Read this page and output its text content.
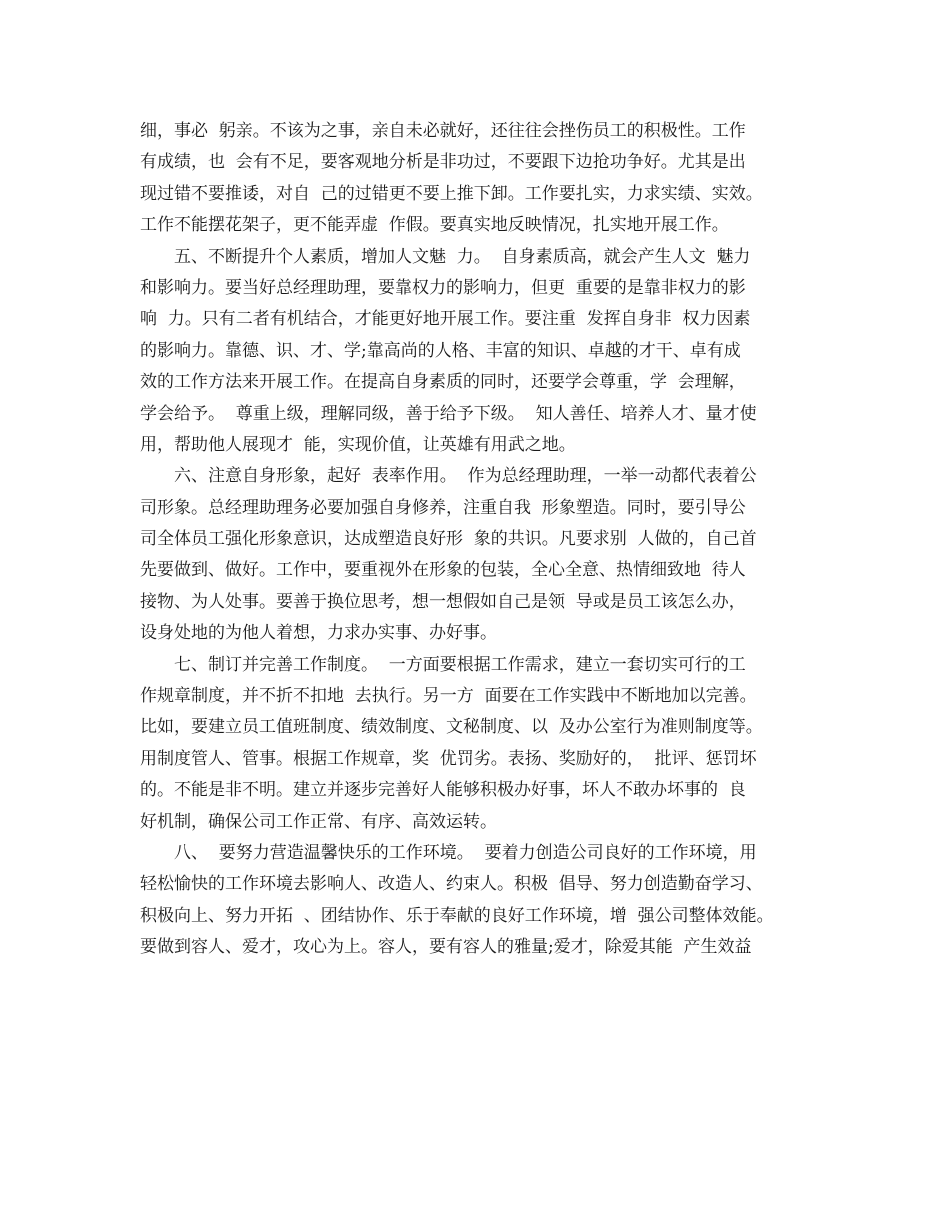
细，事必  躬亲。不该为之事，亲自未必就好，还往往会挫伤员工的积极性。工作
有成绩，也  会有不足，要客观地分析是非功过，不要跟下边抢功争好。尤其是出
现过错不要推诿，对自  己的过错更不要上推下卸。工作要扎实，力求实绩、实效。
工作不能摆花架子，更不能弄虚  作假。要真实地反映情况，扎实地开展工作。
五、不断提升个人素质，增加人文魅  力。  自身素质高，就会产生人文  魅力
和影响力。要当好总经理助理，要靠权力的影响力，但更  重要的是靠非权力的影
响  力。只有二者有机结合，才能更好地开展工作。要注重  发挥自身非  权力因素
的影响力。靠德、识、才、学;靠高尚的人格、丰富的知识、卓越的才干、卓有成
效的工作方法来开展工作。在提高自身素质的同时，还要学会尊重，学  会理解，
学会给予。  尊重上级，理解同级，善于给予下级。  知人善任、培养人才、量才使
用，帮助他人展现才  能，实现价值，让英雄有用武之地。
六、注意自身形象，起好  表率作用。  作为总经理助理，一举一动都代表着公
司形象。总经理助理务必要加强自身修养，注重自我  形象塑造。同时，要引导公
司全体员工强化形象意识，达成塑造良好形  象的共识。凡要求别  人做的，自己首
先要做到、做好。工作中，要重视外在形象的包装，全心全意、热情细致地  待人
接物、为人处事。要善于换位思考，想一想假如自己是领  导或是员工该怎么办，
设身处地的为他人着想，力求办实事、办好事。
七、制订并完善工作制度。  一方面要根据工作需求，建立一套切实可行的工
作规章制度，并不折不扣地  去执行。另一方  面要在工作实践中不断地加以完善。
比如，要建立员工值班制度、绩效制度、文秘制度、以  及办公室行为准则制度等。
用制度管人、管事。根据工作规章，奖  优罚劣。表扬、奖励好的，  批评、惩罚坏
的。不能是非不明。建立并逐步完善好人能够积极办好事，坏人不敢办坏事的  良
好机制，确保公司工作正常、有序、高效运转。
八、  要努力营造温馨快乐的工作环境。  要着力创造公司良好的工作环境，用
轻松愉快的工作环境去影响人、改造人、约束人。积极  倡导、努力创造勤奋学习、
积极向上、努力开拓  、团结协作、乐于奉献的良好工作环境，增  强公司整体效能。
要做到容人、爱才，攻心为上。容人，要有容人的雅量;爱才，除爱其能  产生效益
